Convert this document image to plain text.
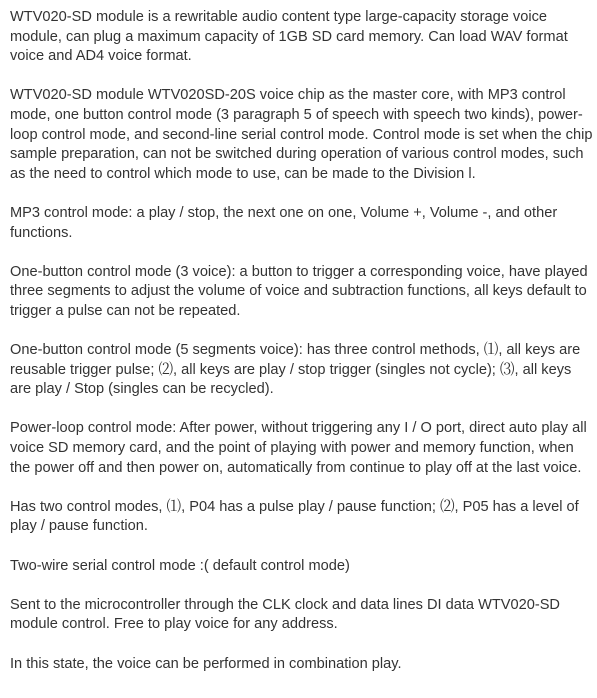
WTV020-SD module is a rewritable audio content type large-capacity storage voice module, can plug a maximum capacity of 1GB SD card memory. Can load WAV format voice and AD4 voice format.

WTV020-SD module WTV020SD-20S voice chip as the master core, with MP3 control mode, one button control mode (3 paragraph 5 of speech with speech two kinds), power-loop control mode, and second-line serial control mode. Control mode is set when the chip sample preparation, can not be switched during operation of various control modes, such as the need to control which mode to use, can be made to the Division l.

MP3 control mode: a play / stop, the next one on one, Volume +, Volume -, and other functions.

One-button control mode (3 voice): a button to trigger a corresponding voice, have played three segments to adjust the volume of voice and subtraction functions, all keys default to trigger a pulse can not be repeated.

One-button control mode (5 segments voice): has three control methods, ⑴, all keys are reusable trigger pulse; ⑵, all keys are play / stop trigger (singles not cycle); ⑶, all keys are play / Stop (singles can be recycled).

Power-loop control mode: After power, without triggering any I / O port, direct auto play all voice SD memory card, and the point of playing with power and memory function, when the power off and then power on, automatically from continue to play off at the last voice.

Has two control modes, ⑴, P04 has a pulse play / pause function; ⑵, P05 has a level of play / pause function.

Two-wire serial control mode :( default control mode)

Sent to the microcontroller through the CLK clock and data lines DI data WTV020-SD module control. Free to play voice for any address.

In this state, the voice can be performed in combination play.
